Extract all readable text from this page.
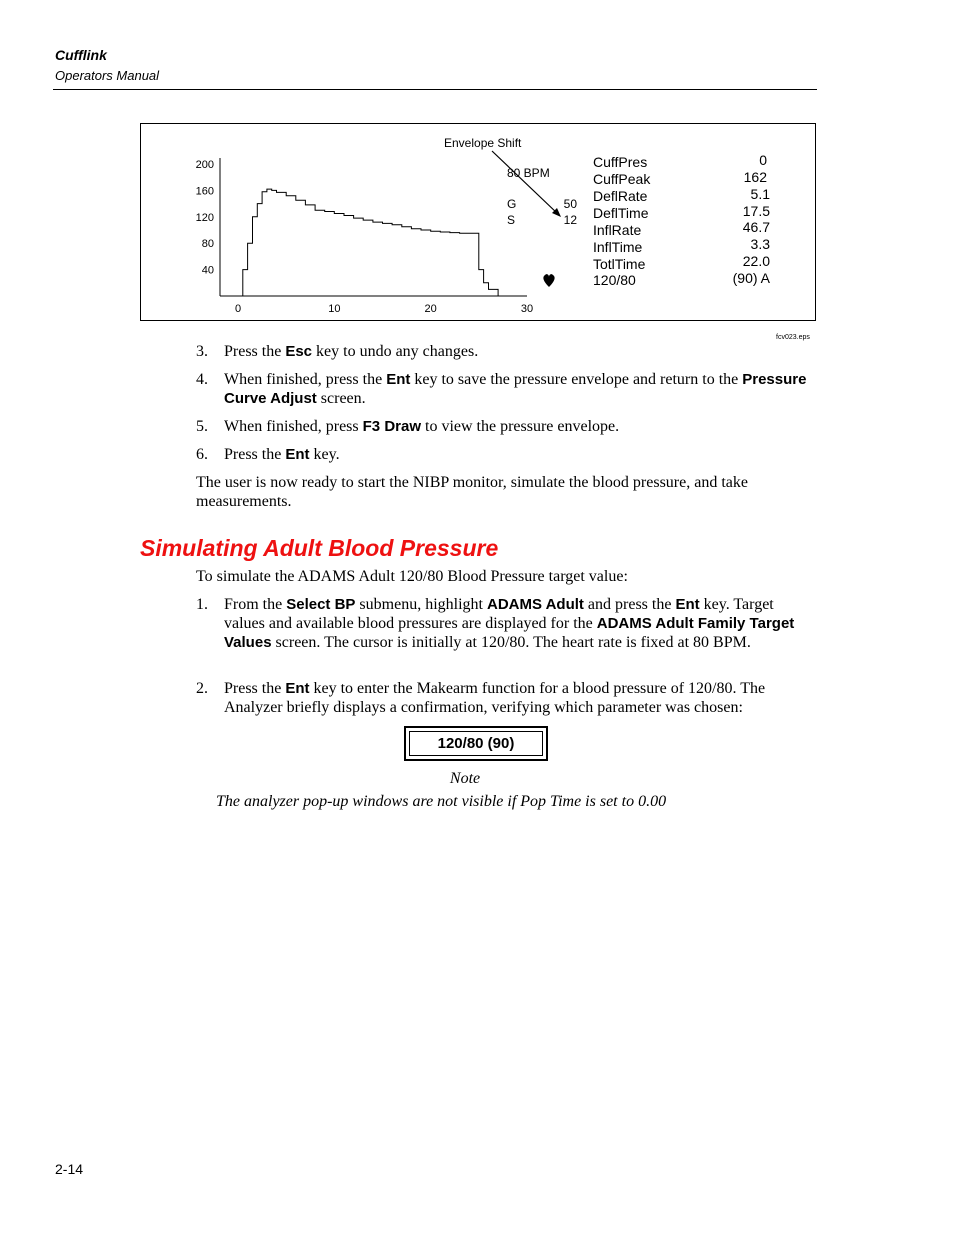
Cufflink
Operators Manual
200
160
120
80
40
0	10	20	30
Envelope Shift
80 BPM
G
S
50
12
CuffPres	0
CuffPeak	162
DeflRate	5.1
DeflTime	17.5
InflRate	46.7
InflTime	3.3
TotlTime	22.0
120/80	(90) A
fcv023.eps
3.	Press the Esc key to undo any changes.
4.	When finished, press the Ent key to save the pressure envelope and return to the Pressure Curve Adjust screen.
5.	When finished, press F3 Draw to view the pressure envelope.
6.	Press the Ent key.
The user is now ready to start the NIBP monitor, simulate the blood pressure, and take measurements.
Simulating Adult Blood Pressure
To simulate the ADAMS Adult 120/80 Blood Pressure target value:
1.	From the Select BP submenu, highlight ADAMS Adult and press the Ent key. Target values and available blood pressures are displayed for the ADAMS Adult Family Target Values screen. The cursor is initially at 120/80. The heart rate is fixed at 80 BPM.
2.	Press the Ent key to enter the Makearm function for a blood pressure of 120/80. The Analyzer briefly displays a confirmation, verifying which parameter was chosen:
120/80 (90)
Note
The analyzer pop-up windows are not visible if Pop Time is set to 0.00
2-14
